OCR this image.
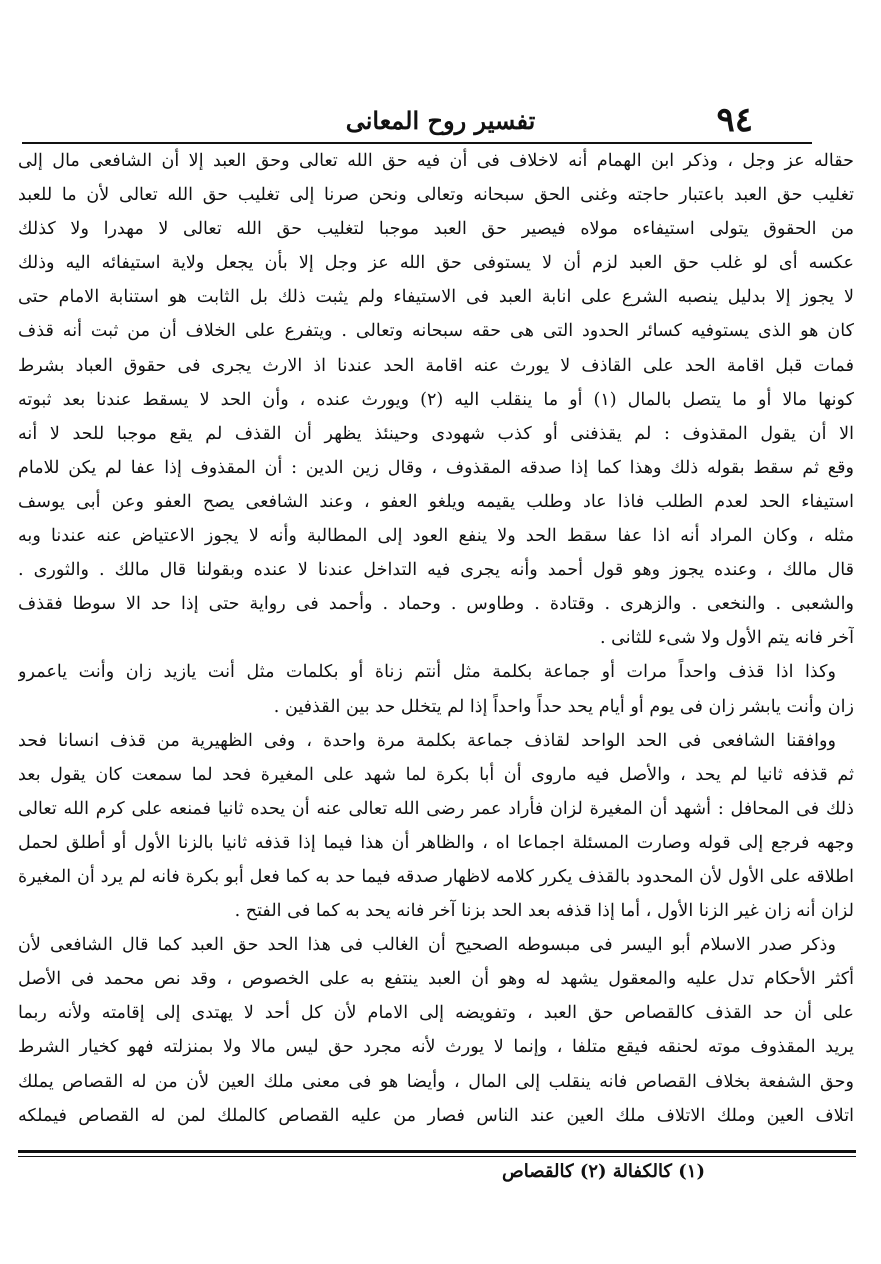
٩٤
تفسير روح المعانى
حقاله عز وجل ، وذكر ابن الهمام أنه لاخلاف فى أن فيه حق الله تعالى وحق العبد إلا أن الشافعى مال إلى
تغليب حق العبد باعتبار حاجته وغنى الحق سبحانه وتعالى ونحن صرنا إلى تغليب حق الله تعالى لأن ما للعبد
من الحقوق يتولى استيفاءه مولاه فيصير حق العبد موجبا لتغليب حق الله تعالى لا مهدرا ولا كذلك
عكسه أى لو غلب حق العبد لزم أن لا يستوفى حق الله عز وجل إلا بأن يجعل ولاية استيفائه اليه وذلك
لا يجوز إلا بدليل ينصبه الشرع على انابة العبد فى الاستيفاء ولم يثبت ذلك بل الثابت هو استنابة الامام حتى
كان هو الذى يستوفيه كسائر الحدود التى هى حقه سبحانه وتعالى . ويتفرع على الخلاف أن من ثبت أنه قذف
فمات قبل اقامة الحد على القاذف لا يورث عنه اقامة الحد عندنا اذ الارث يجرى فى حقوق العباد بشرط
كونها مالا أو ما يتصل بالمال (١) أو ما ينقلب اليه (٢) ويورث عنده ، وأن الحد لا يسقط عندنا بعد ثبوته
الا أن يقول المقذوف : لم يقذفنى أو كذب شهودى وحينئذ يظهر أن القذف لم يقع موجبا للحد لا أنه
وقع ثم سقط بقوله ذلك وهذا كما إذا صدقه المقذوف ، وقال زين الدين : أن المقذوف إذا عفا لم يكن للامام
استيفاء الحد لعدم الطلب فاذا عاد وطلب يقيمه ويلغو العفو ، وعند الشافعى يصح العفو وعن أبى يوسف
مثله ، وكان المراد أنه اذا عفا سقط الحد ولا ينفع العود إلى المطالبة وأنه لا يجوز الاعتياض عنه عندنا وبه
قال مالك ، وعنده يجوز وهو قول أحمد وأنه يجرى فيه التداخل عندنا لا عنده وبقولنا قال مالك . والثورى .
والشعبى . والنخعى . والزهرى . وقتادة . وطاوس . وحماد . وأحمد فى رواية حتى إذا حد الا سوطا فقذف
آخر فانه يتم الأول ولا شىء للثانى .
وكذا اذا قذف واحداً مرات أو جماعة بكلمة مثل أنتم زناة أو بكلمات مثل أنت يازيد زان وأنت ياعمرو
زان وأنت يابشر زان فى يوم أو أيام يحد حداً واحداً إذا لم يتخلل حد بين القذفين .
ووافقنا الشافعى فى الحد الواحد لقاذف جماعة بكلمة مرة واحدة ، وفى الظهيرية من قذف انسانا فحد
ثم قذفه ثانيا لم يحد ، والأصل فيه ماروى أن أبا بكرة لما شهد على المغيرة فحد لما سمعت كان يقول بعد
ذلك فى المحافل : أشهد أن المغيرة لزان فأراد عمر رضى الله تعالى عنه أن يحده ثانيا فمنعه على كرم الله تعالى
وجهه فرجع إلى قوله وصارت المسئلة اجماعا اه ، والظاهر أن هذا فيما إذا قذفه ثانيا بالزنا الأول أو أطلق لحمل
اطلاقه على الأول لأن المحدود بالقذف يكرر كلامه لاظهار صدقه فيما حد به كما فعل أبو بكرة فانه لم يرد أن المغيرة
لزان أنه زان غير الزنا الأول ، أما إذا قذفه بعد الحد بزنا آخر فانه يحد به كما فى الفتح .
وذكر صدر الاسلام أبو اليسر فى مبسوطه الصحيح أن الغالب فى هذا الحد حق العبد كما قال الشافعى لأن
أكثر الأحكام تدل عليه والمعقول يشهد له وهو أن العبد ينتفع به على الخصوص ، وقد نص محمد فى الأصل
على أن حد القذف كالقصاص حق العبد ، وتفويضه إلى الامام لأن كل أحد لا يهتدى إلى إقامته ولأنه ربما
يريد المقذوف موته لحنقه فيقع متلفا ، وإنما لا يورث لأنه مجرد حق ليس مالا ولا بمنزلته فهو كخيار الشرط
وحق الشفعة بخلاف القصاص فانه ينقلب إلى المال ، وأيضا هو فى معنى ملك العين لأن من له القصاص يملك
اتلاف العين وملك الاتلاف ملك العين عند الناس فصار من عليه القصاص كالملك لمن له القصاص فيملكه
(١) كالكفالة (٢) كالقصاص
